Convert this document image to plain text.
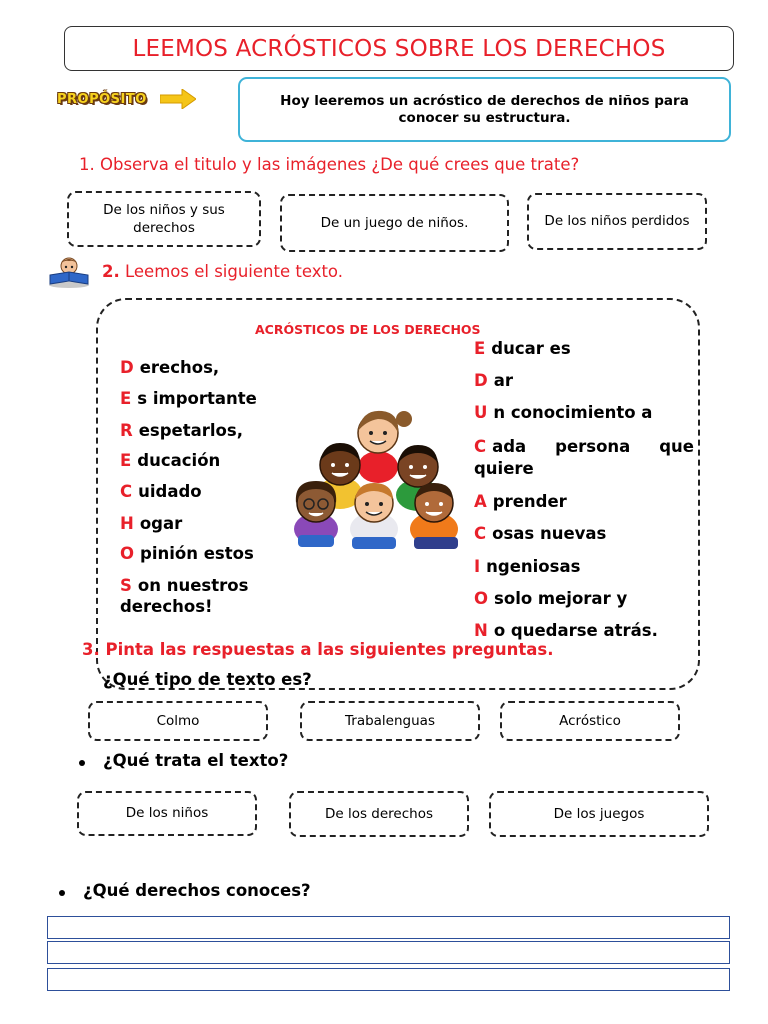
LEEMOS ACRÓSTICOS SOBRE LOS DERECHOS
PROPÓSITO	Hoy leeremos un acróstico de derechos de niños para conocer su estructura.
1. Observa el titulo y las imágenes ¿De qué crees que trate?
De los niños y sus derechos	De un juego de niños.	De los niños perdidos
2. Leemos el siguiente texto.
ACRÓSTICOS DE LOS DERECHOS
D erechos,
E s importante
R espetarlos,
E ducación
C uidado
H ogar
O pinión estos
S on nuestros
derechos!
E ducar es
D ar
U n conocimiento a
C ada persona que
quiere
A prender
C osas nuevas
I ngeniosas
O solo mejorar y
N o quedarse atrás.
3. Pinta las respuestas a las siguientes preguntas.
¿Qué tipo de texto es?
Colmo	Trabalenguas	Acróstico
¿Qué trata el texto?
De los niños	De los derechos	De los juegos
¿Qué derechos conoces?
